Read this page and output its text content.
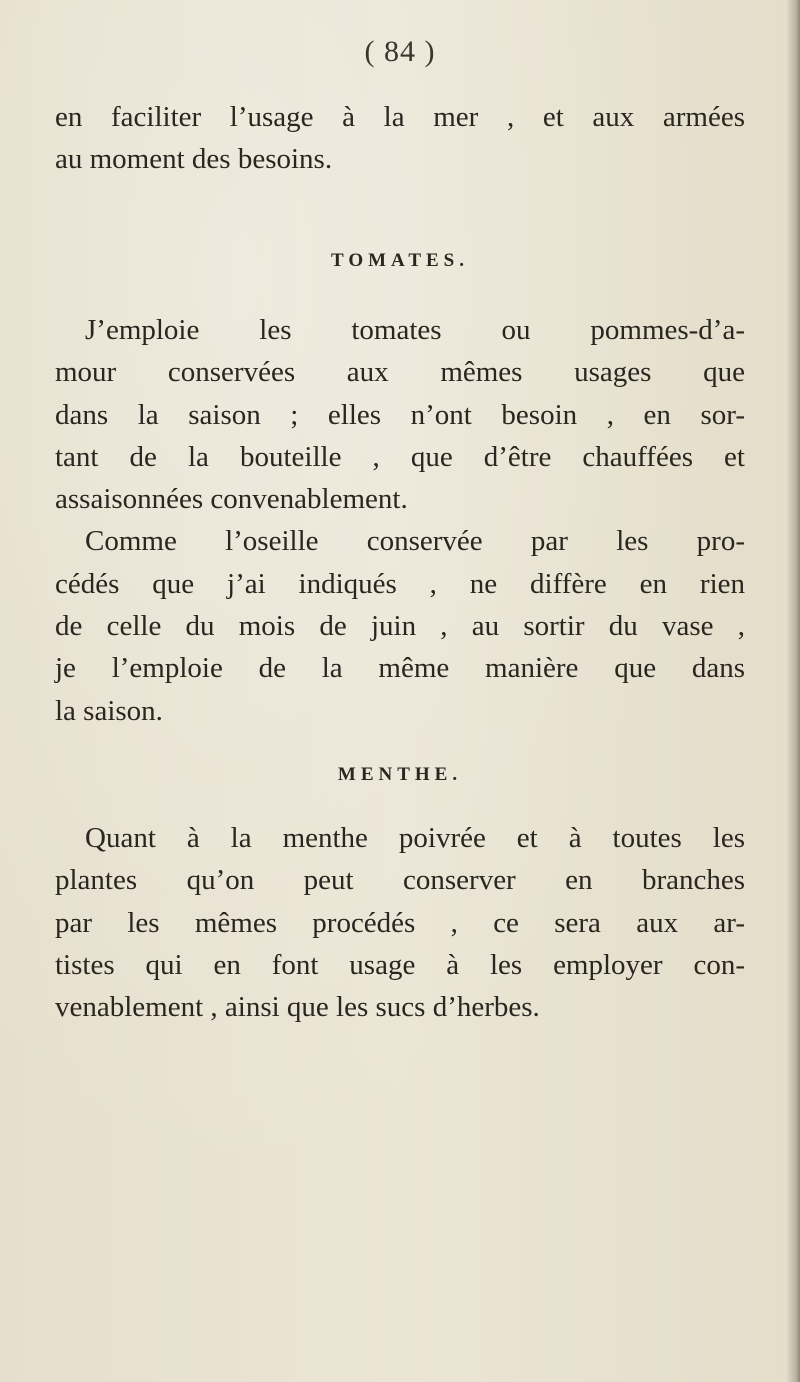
( 84 )
en faciliter l’usage à la mer , et aux armées
au moment des besoins.
TOMATES.
J’emploie les tomates ou pommes-d’a-
mour conservées aux mêmes usages que
dans la saison ; elles n’ont besoin , en sor-
tant de la bouteille , que d’être chauffées et
assaisonnées convenablement.
Comme l’oseille conservée par les pro-
cédés que j’ai indiqués , ne diffère en rien
de celle du mois de juin , au sortir du vase ,
je l’emploie de la même manière que dans
la saison.
MENTHE.
Quant à la menthe poivrée et à toutes les
plantes qu’on peut conserver en branches
par les mêmes procédés , ce sera aux ar-
tistes qui en font usage à les employer con-
venablement , ainsi que les sucs d’herbes.
